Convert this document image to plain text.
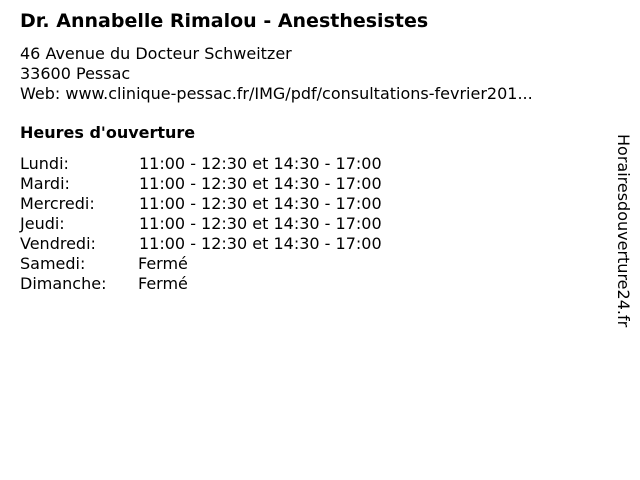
Dr. Annabelle Rimalou - Anesthesistes
46 Avenue du Docteur Schweitzer
33600 Pessac
Web: www.clinique-pessac.fr/IMG/pdf/consultations-fevrier201...
Heures d'ouverture
Lundi:	11:00 - 12:30 et 14:30 - 17:00
Mardi:	11:00 - 12:30 et 14:30 - 17:00
Mercredi:	11:00 - 12:30 et 14:30 - 17:00
Jeudi:	11:00 - 12:30 et 14:30 - 17:00
Vendredi:	11:00 - 12:30 et 14:30 - 17:00
Samedi:	Fermé
Dimanche: Fermé	Horairesdouverture24.fr
